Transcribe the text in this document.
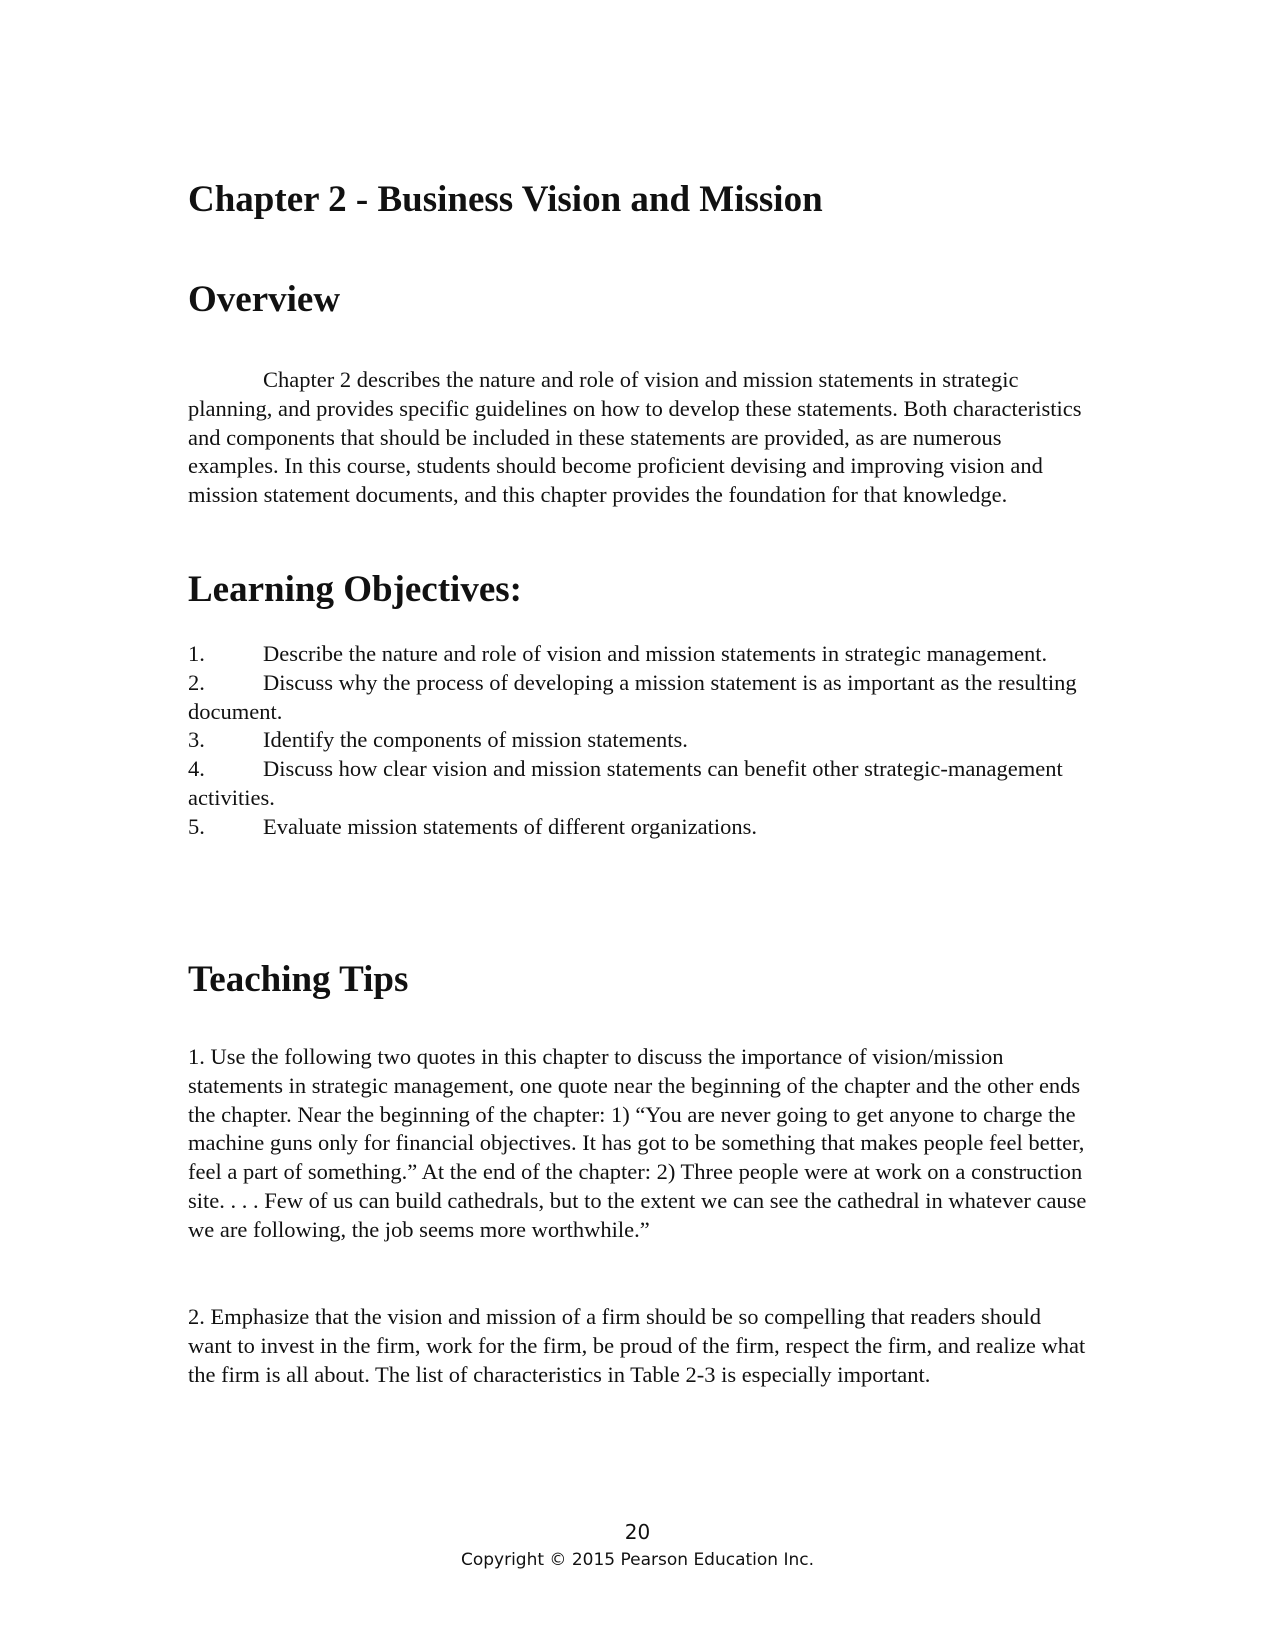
Chapter 2 - Business Vision and Mission
Overview

Chapter 2 describes the nature and role of vision and mission statements in strategic planning, and provides specific guidelines on how to develop these statements. Both characteristics and components that should be included in these statements are provided, as are numerous examples. In this course, students should become proficient devising and improving vision and mission statement documents, and this chapter provides the foundation for that knowledge.

Learning Objectives:
1.	Describe the nature and role of vision and mission statements in strategic management.
2.	Discuss why the process of developing a mission statement is as important as the resulting document.
3.	Identify the components of mission statements.
4.	Discuss how clear vision and mission statements can benefit other strategic-management activities.
5.	Evaluate mission statements of different organizations.
Teaching Tips

1. Use the following two quotes in this chapter to discuss the importance of vision/mission statements in strategic management, one quote near the beginning of the chapter and the other ends the chapter. Near the beginning of the chapter: 1) “You are never going to get anyone to charge the machine guns only for financial objectives. It has got to be something that makes people feel better, feel a part of something.” At the end of the chapter: 2) Three people were at work on a construction site. . . . Few of us can build cathedrals, but to the extent we can see the cathedral in whatever cause we are following, the job seems more worthwhile.”

2. Emphasize that the vision and mission of a firm should be so compelling that readers should want to invest in the firm, work for the firm, be proud of the firm, respect the firm, and realize what the firm is all about. The list of characteristics in Table 2-3 is especially important.

20
Copyright © 2015 Pearson Education Inc.
